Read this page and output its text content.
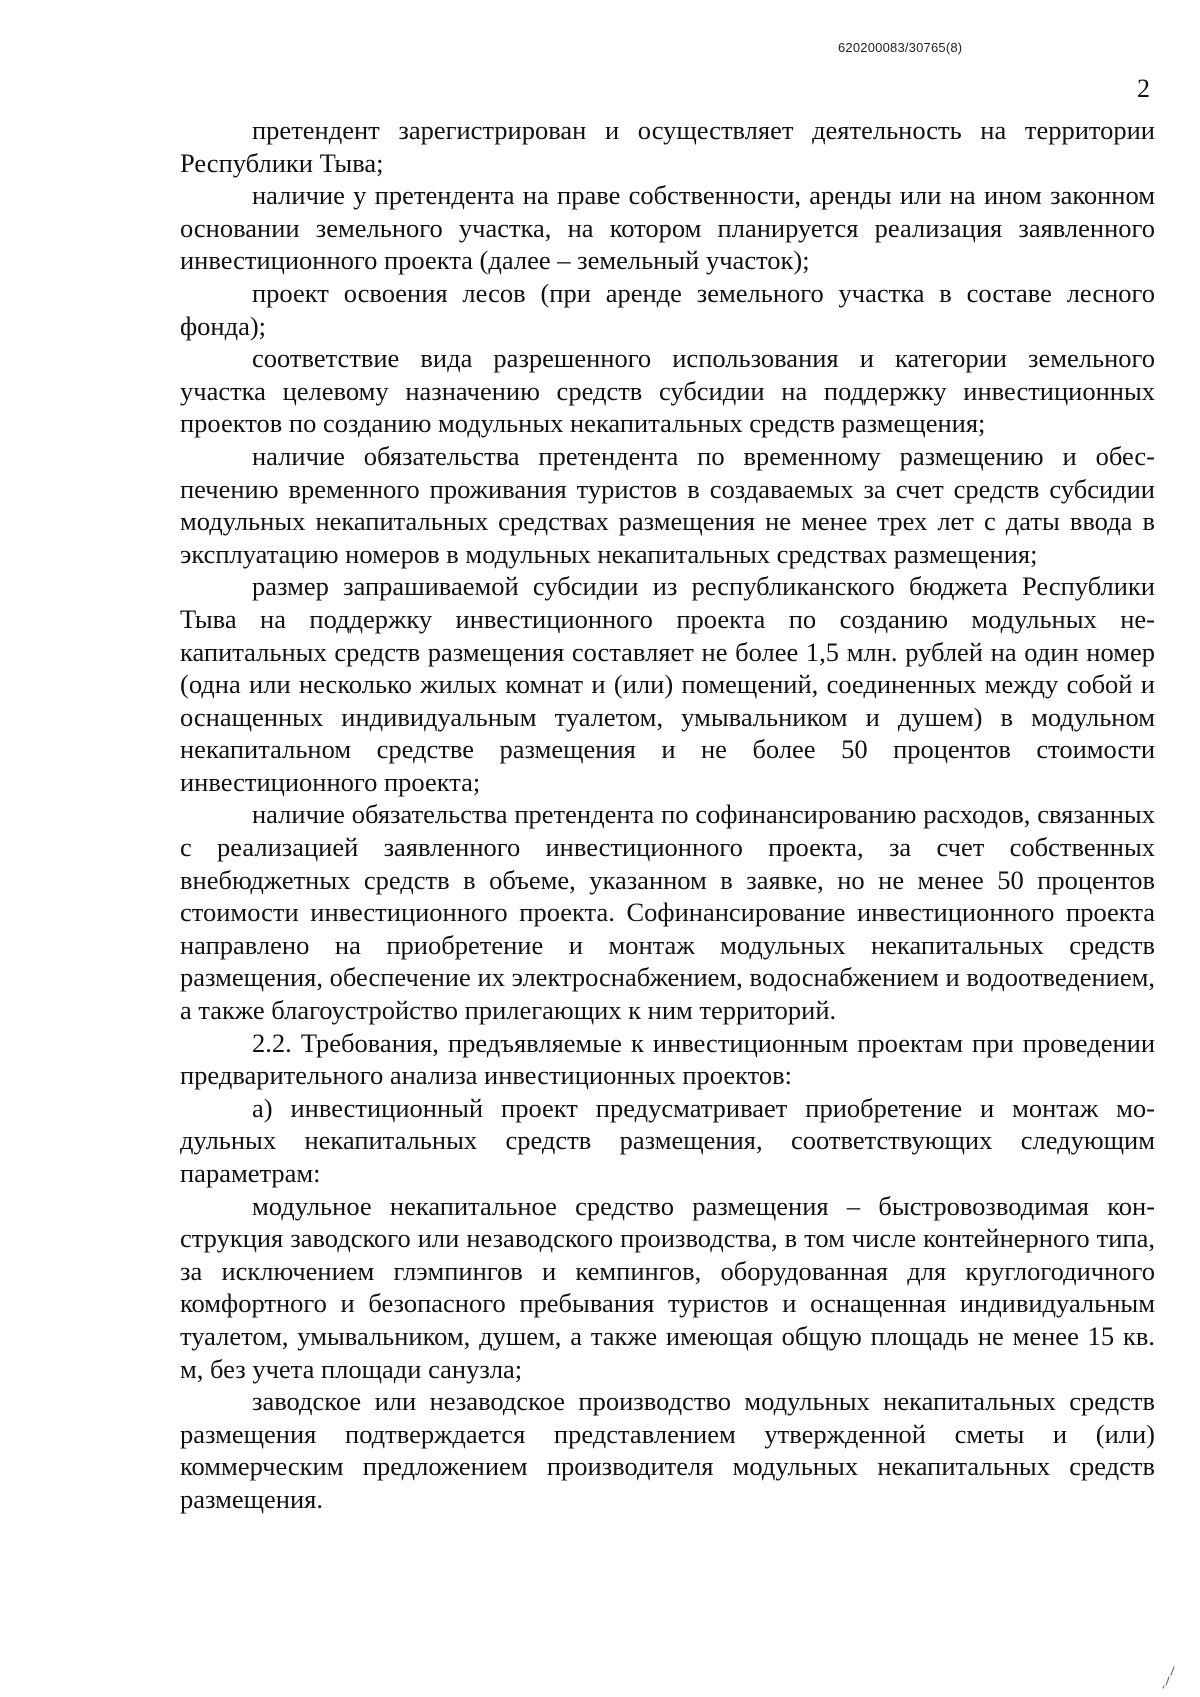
620200083/30765(8)
2

претендент зарегистрирован и осуществляет деятельность на территории Республики Тыва;

наличие у претендента на праве собственности, аренды или на ином законном основании земельного участка, на котором планируется реализация заявленного инвестиционного проекта (далее – земельный участок);

проект освоения лесов (при аренде земельного участка в составе лесного фонда);

соответствие вида разрешенного использования и категории земельного участка целевому назначению средств субсидии на поддержку инвестиционных проектов по созданию модульных некапитальных средств размещения;

наличие обязательства претендента по временному размещению и обеспечению временного проживания туристов в создаваемых за счет средств субсидии модульных некапитальных средствах размещения не менее трех лет с даты ввода в эксплуатацию номеров в модульных некапитальных средствах размещения;

размер запрашиваемой субсидии из республиканского бюджета Республики Тыва на поддержку инвестиционного проекта по созданию модульных некапитальных средств размещения составляет не более 1,5 млн. рублей на один номер (одна или несколько жилых комнат и (или) помещений, соединенных между собой и оснащенных индивидуальным туалетом, умывальником и душем) в модульном некапитальном средстве размещения и не более 50 процентов стоимости инвестиционного проекта;

наличие обязательства претендента по софинансированию расходов, связанных с реализацией заявленного инвестиционного проекта, за счет собственных внебюджетных средств в объеме, указанном в заявке, но не менее 50 процентов стоимости инвестиционного проекта. Софинансирование инвестиционного проекта направлено на приобретение и монтаж модульных некапитальных средств размещения, обеспечение их электроснабжением, водоснабжением и водоотведением, а также благоустройство прилегающих к ним территорий.

2.2. Требования, предъявляемые к инвестиционным проектам при проведении предварительного анализа инвестиционных проектов:

а) инвестиционный проект предусматривает приобретение и монтаж модульных некапитальных средств размещения, соответствующих следующим параметрам:

модульное некапитальное средство размещения – быстровозводимая конструкция заводского или незаводского производства, в том числе контейнерного типа, за исключением глэмпингов и кемпингов, оборудованная для круглогодичного комфортного и безопасного пребывания туристов и оснащенная индивидуальным туалетом, умывальником, душем, а также имеющая общую площадь не менее 15 кв. м, без учета площади санузла;

заводское или незаводское производство модульных некапитальных средств размещения подтверждается представлением утвержденной сметы и (или) коммерческим предложением производителя модульных некапитальных средств размещения.
